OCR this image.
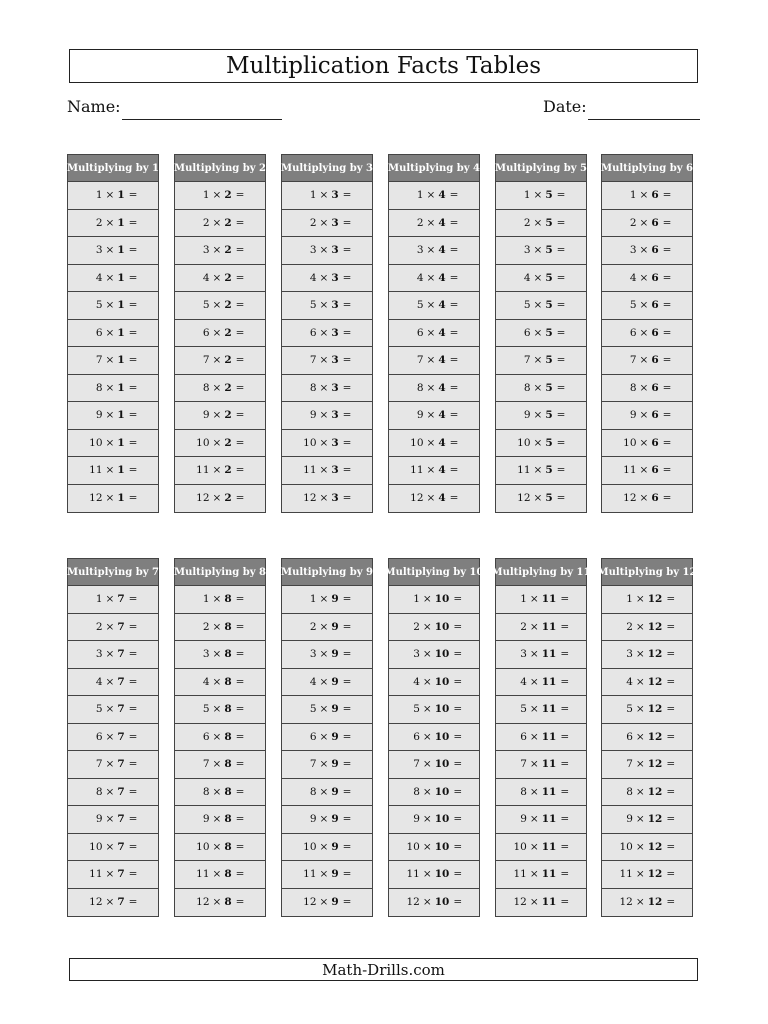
Multiplication Facts Tables
Name:	Date:
Multiplying by 1
1 × 1 =
2 × 1 =
3 × 1 =
4 × 1 =
5 × 1 =
6 × 1 =
7 × 1 =
8 × 1 =
9 × 1 =
10 × 1 =
11 × 1 =
12 × 1 =
Multiplying by 2
1 × 2 =
2 × 2 =
3 × 2 =
4 × 2 =
5 × 2 =
6 × 2 =
7 × 2 =
8 × 2 =
9 × 2 =
10 × 2 =
11 × 2 =
12 × 2 =
Multiplying by 3
1 × 3 =
2 × 3 =
3 × 3 =
4 × 3 =
5 × 3 =
6 × 3 =
7 × 3 =
8 × 3 =
9 × 3 =
10 × 3 =
11 × 3 =
12 × 3 =
Multiplying by 4
1 × 4 =
2 × 4 =
3 × 4 =
4 × 4 =
5 × 4 =
6 × 4 =
7 × 4 =
8 × 4 =
9 × 4 =
10 × 4 =
11 × 4 =
12 × 4 =
Multiplying by 5
1 × 5 =
2 × 5 =
3 × 5 =
4 × 5 =
5 × 5 =
6 × 5 =
7 × 5 =
8 × 5 =
9 × 5 =
10 × 5 =
11 × 5 =
12 × 5 =
Multiplying by 6
1 × 6 =
2 × 6 =
3 × 6 =
4 × 6 =
5 × 6 =
6 × 6 =
7 × 6 =
8 × 6 =
9 × 6 =
10 × 6 =
11 × 6 =
12 × 6 =
Multiplying by 7
1 × 7 =
2 × 7 =
3 × 7 =
4 × 7 =
5 × 7 =
6 × 7 =
7 × 7 =
8 × 7 =
9 × 7 =
10 × 7 =
11 × 7 =
12 × 7 =
Multiplying by 8
1 × 8 =
2 × 8 =
3 × 8 =
4 × 8 =
5 × 8 =
6 × 8 =
7 × 8 =
8 × 8 =
9 × 8 =
10 × 8 =
11 × 8 =
12 × 8 =
Multiplying by 9
1 × 9 =
2 × 9 =
3 × 9 =
4 × 9 =
5 × 9 =
6 × 9 =
7 × 9 =
8 × 9 =
9 × 9 =
10 × 9 =
11 × 9 =
12 × 9 =
Multiplying by 10
1 × 10 =
2 × 10 =
3 × 10 =
4 × 10 =
5 × 10 =
6 × 10 =
7 × 10 =
8 × 10 =
9 × 10 =
10 × 10 =
11 × 10 =
12 × 10 =
Multiplying by 11
1 × 11 =
2 × 11 =
3 × 11 =
4 × 11 =
5 × 11 =
6 × 11 =
7 × 11 =
8 × 11 =
9 × 11 =
10 × 11 =
11 × 11 =
12 × 11 =
Multiplying by 12
1 × 12 =
2 × 12 =
3 × 12 =
4 × 12 =
5 × 12 =
6 × 12 =
7 × 12 =
8 × 12 =
9 × 12 =
10 × 12 =
11 × 12 =
12 × 12 =
Math-Drills.com
